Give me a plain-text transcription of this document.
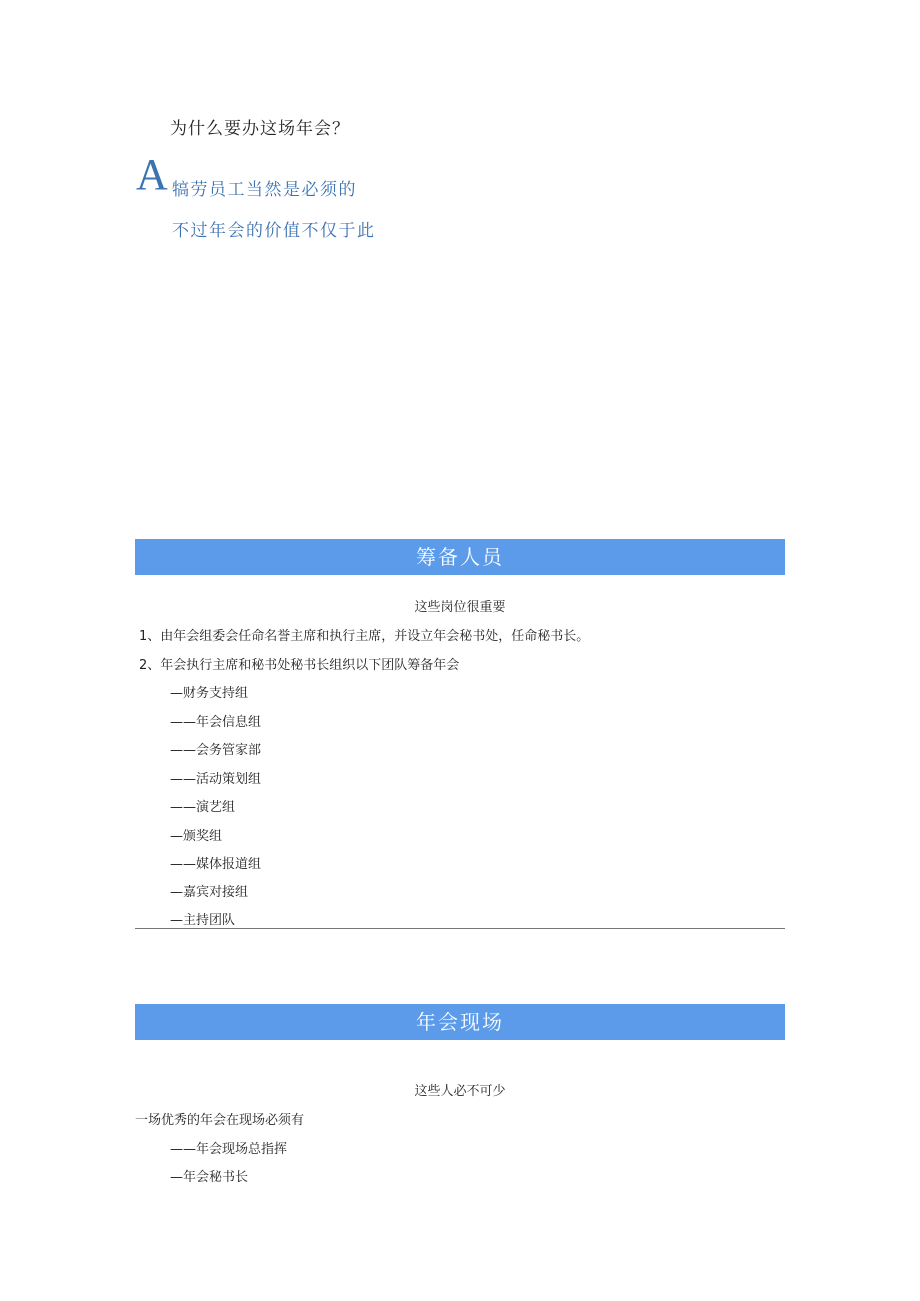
为什么要办这场年会？
A 犒劳员工当然是必须的
不过年会的价值不仅于此
筹备人员
这些岗位很重要
1、由年会组委会任命名誉主席和执行主席，并设立年会秘书处，任命秘书长。
2、年会执行主席和秘书处秘书长组织以下团队筹备年会
—财务支持组
——年会信息组
——会务管家部
——活动策划组
——演艺组
—颁奖组
——媒体报道组
—嘉宾对接组
—主持团队
年会现场
这些人必不可少
一场优秀的年会在现场必须有
——年会现场总指挥
—年会秘书长
